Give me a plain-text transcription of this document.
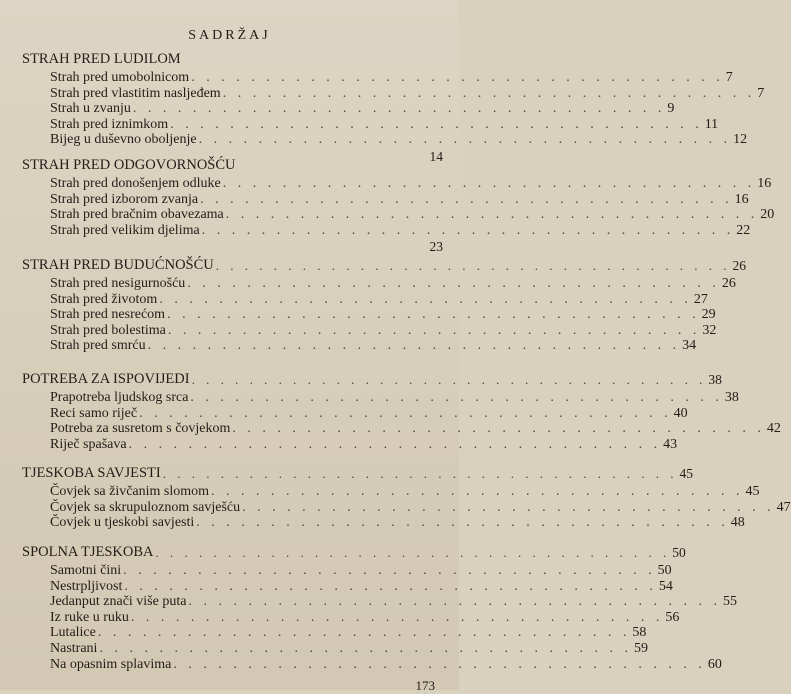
SADRŽAJ
STRAH PRED LUDILOM
Strah pred umobolnicom . . . . . . . . . . . . . . . . . . . . . . . . . . . . . . . . . . . . 7
Strah pred vlastitim nasljeđem . . . . . . . . . . . . . . . . . . . . . . . . . . . . . . . . . . . . 7
Strah u zvanju . . . . . . . . . . . . . . . . . . . . . . . . . . . . . . . . . . . . 9
Strah pred iznimkom . . . . . . . . . . . . . . . . . . . . . . . . . . . . . . . . . . . . 11
Bijeg u duševno oboljenje . . . . . . . . . . . . . . . . . . . . . . . . . . . . . . . . . . . . 12
14
STRAH PRED ODGOVORNOŠĆU
Strah pred donošenjem odluke . . . . . . . . . . . . . . . . . . . . . . . . . . . . . . . . . . . . 16
Strah pred izborom zvanja . . . . . . . . . . . . . . . . . . . . . . . . . . . . . . . . . . . . 16
Strah pred bračnim obavezama . . . . . . . . . . . . . . . . . . . . . . . . . . . . . . . . . . . . 20
Strah pred velikim djelima . . . . . . . . . . . . . . . . . . . . . . . . . . . . . . . . . . . . 22
23
STRAH PRED BUDUĆNOŠĆU . . . . . . . . . . . . . . . . . . . . . . . . . . . . . . . . . . . . 26
Strah pred nesigurnošću . . . . . . . . . . . . . . . . . . . . . . . . . . . . . . . . . . . . 26
Strah pred životom . . . . . . . . . . . . . . . . . . . . . . . . . . . . . . . . . . . . 27
Strah pred nesrećom . . . . . . . . . . . . . . . . . . . . . . . . . . . . . . . . . . . . 29
Strah pred bolestima . . . . . . . . . . . . . . . . . . . . . . . . . . . . . . . . . . . . 32
Strah pred smrću . . . . . . . . . . . . . . . . . . . . . . . . . . . . . . . . . . . . 34
POTREBA ZA ISPOVIJEDI . . . . . . . . . . . . . . . . . . . . . . . . . . . . . . . . . . . . 38
Prapotreba ljudskog srca . . . . . . . . . . . . . . . . . . . . . . . . . . . . . . . . . . . . 38
Reci samo riječ . . . . . . . . . . . . . . . . . . . . . . . . . . . . . . . . . . . . 40
Potreba za susretom s čovjekom . . . . . . . . . . . . . . . . . . . . . . . . . . . . . . . . . . . . 42
Riječ spašava . . . . . . . . . . . . . . . . . . . . . . . . . . . . . . . . . . . . 43
TJESKOBA SAVJESTI . . . . . . . . . . . . . . . . . . . . . . . . . . . . . . . . . . . . 45
Čovjek sa živčanim slomom . . . . . . . . . . . . . . . . . . . . . . . . . . . . . . . . . . . . 45
Čovjek sa skrupuloznom savješću . . . . . . . . . . . . . . . . . . . . . . . . . . . . . . . . . . . . 47
Čovjek u tjeskobi savjesti . . . . . . . . . . . . . . . . . . . . . . . . . . . . . . . . . . . . 48
SPOLNA TJESKOBA . . . . . . . . . . . . . . . . . . . . . . . . . . . . . . . . . . . . 50
Samotni čini . . . . . . . . . . . . . . . . . . . . . . . . . . . . . . . . . . . . 50
Nestrpljivost . . . . . . . . . . . . . . . . . . . . . . . . . . . . . . . . . . . . 54
Jedanput znači više puta . . . . . . . . . . . . . . . . . . . . . . . . . . . . . . . . . . . . 55
Iz ruke u ruku . . . . . . . . . . . . . . . . . . . . . . . . . . . . . . . . . . . . 56
Lutalice . . . . . . . . . . . . . . . . . . . . . . . . . . . . . . . . . . . . 58
Nastrani . . . . . . . . . . . . . . . . . . . . . . . . . . . . . . . . . . . . 59
Na opasnim splavima . . . . . . . . . . . . . . . . . . . . . . . . . . . . . . . . . . . . 60
173
